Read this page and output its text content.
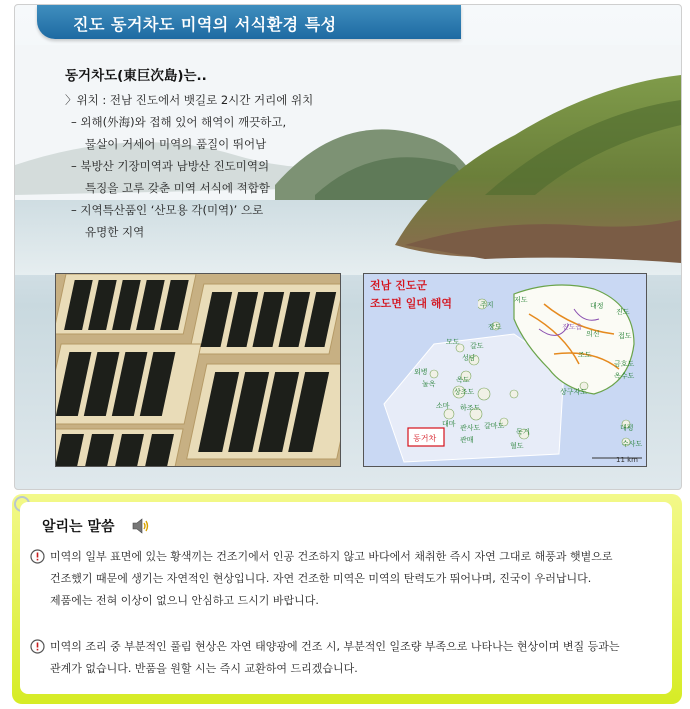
진도 동거차도 미역의 서식환경 특성
동거차도(東巨次島)는..
〉위치 : 전남 진도에서 뱃길로 2시간 거리에 위치
– 외해(外海)와 접해 있어 해역이 깨끗하고,
물살이 거세어 미역의 품질이 뛰어남
– 북방산 기장미역과 남방산 진도미역의
특징을 고루 갖춘 미역 서식에 적합함
– 지역특산품인 ‘산모용 각(미역)’ 으로
유명한 지역
전남 진도군
조도면 일대 해역
동거차
주지
저도
장도
모도 갈도
성남
진도읍
의신
조도
외병
눌옥	옥도
상조도
소마 하조도
관매
관사도
대마	갈마도
독거
혈도
진도
접도
금호도
옥수도
상구자도
대평
수사도
대정
11 km
알리는 말씀

미역의 일부 표면에 있는 황색끼는 건조기에서 인공 건조하지 않고 바다에서 채취한 즉시 자연 그대로 해풍과 햇볕으로

건조했기 때문에 생기는 자연적인 현상입니다. 자연 건조한 미역은 미역의 탄력도가 뛰어나며, 진국이 우러납니다.

제품에는 전혀 이상이 없으니 안심하고 드시기 바랍니다.

미역의 조리 중 부분적인 풀림 현상은 자연 태양광에 건조 시, 부분적인 일조량 부족으로 나타나는 현상이며 변질 등과는

관계가 없습니다. 반품을 원할 시는 즉시 교환하여 드리겠습니다.
